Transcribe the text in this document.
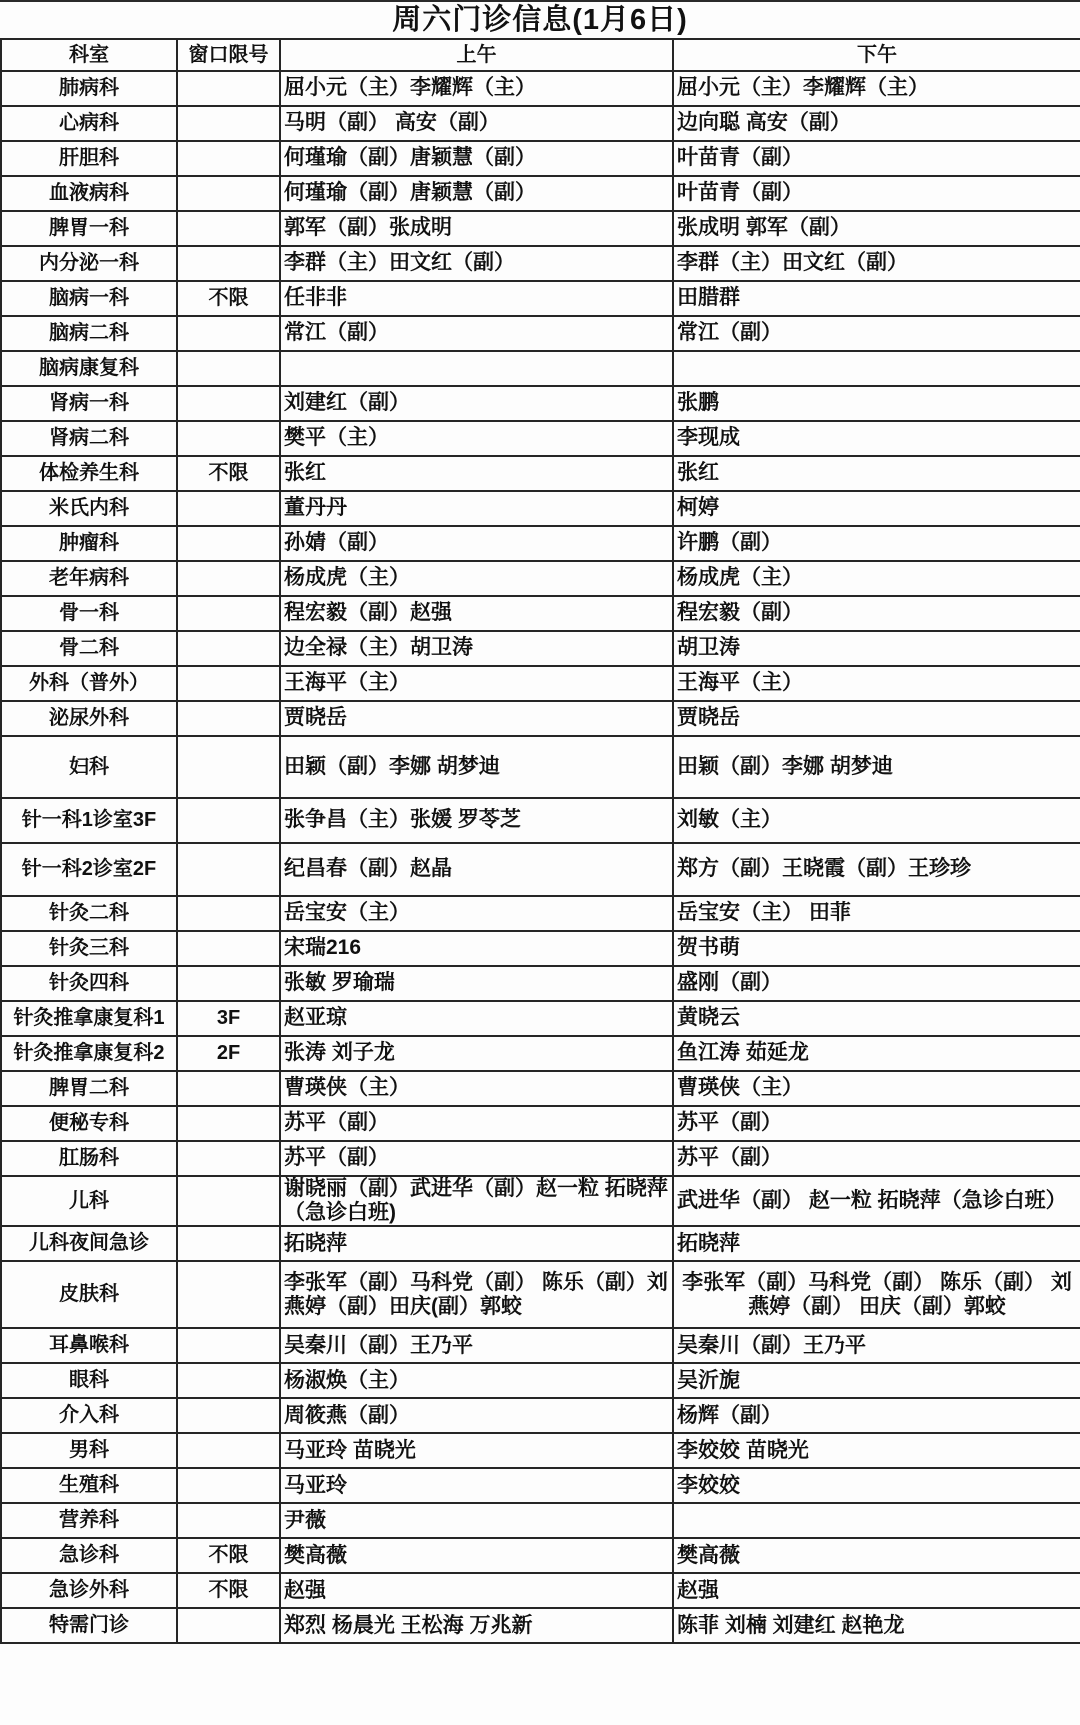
周六门诊信息(1月6日)
科室	窗口限号	上午	下午
肺病科		屈小元（主）李耀辉（主）	屈小元（主）李耀辉（主）
心病科		马明（副） 高安（副）	边向聪 高安（副）
肝胆科		何瑾瑜（副）唐颖慧（副）	叶苗青（副）
血液病科		何瑾瑜（副）唐颖慧（副）	叶苗青（副）
脾胃一科		郭军（副）张成明	张成明 郭军（副）
内分泌一科		李群（主）田文红（副）	李群（主）田文红（副）
脑病一科	不限	任非非	田腊群
脑病二科		常江（副）	常江（副）
脑病康复科			
肾病一科		刘建红（副）	张鹏
肾病二科		樊平（主）	李现成
体检养生科	不限	张红	张红
米氏内科		董丹丹	柯婷
肿瘤科		孙婧（副）	许鹏（副）
老年病科		杨成虎（主）	杨成虎（主）
骨一科		程宏毅（副）赵强	程宏毅（副）
骨二科		边全禄（主）胡卫涛	胡卫涛
外科（普外）		王海平（主）	王海平（主）
泌尿外科		贾晓岳	贾晓岳
妇科		田颖（副）李娜 胡梦迪	田颖（副）李娜 胡梦迪
针一科1诊室3F		张争昌（主）张媛 罗苓芝	刘敏（主）
针一科2诊室2F		纪昌春（副）赵晶	郑方（副）王晓霞（副）王珍珍
针灸二科		岳宝安（主）	岳宝安（主） 田菲
针灸三科		宋瑞216	贺书萌
针灸四科		张敏 罗瑜瑞	盛刚（副）
针灸推拿康复科1	3F	赵亚琼	黄晓云
针灸推拿康复科2	2F	张涛 刘子龙	鱼江涛 茹延龙
脾胃二科		曹瑛侠（主）	曹瑛侠（主）
便秘专科		苏平（副）	苏平（副）
肛肠科		苏平（副）	苏平（副）
儿科		谢晓丽（副）武进华（副）赵一粒 拓晓萍（急诊白班)	武进华（副） 赵一粒 拓晓萍（急诊白班）
儿科夜间急诊		拓晓萍	拓晓萍
皮肤科		李张军（副）马科党（副） 陈乐（副）刘燕婷（副）田庆(副）郭蛟	李张军（副）马科党（副） 陈乐（副） 刘燕婷（副） 田庆（副）郭蛟
耳鼻喉科		吴秦川（副）王乃平	吴秦川（副）王乃平
眼科		杨淑焕（主）	吴沂旎
介入科		周筱燕（副）	杨辉（副）
男科		马亚玲 苗晓光	李姣姣 苗晓光
生殖科		马亚玲	李姣姣
营养科		尹薇	
急诊科	不限	樊高薇	樊高薇
急诊外科	不限	赵强	赵强
特需门诊		郑烈 杨晨光 王松海 万兆新	陈菲 刘楠 刘建红 赵艳龙
